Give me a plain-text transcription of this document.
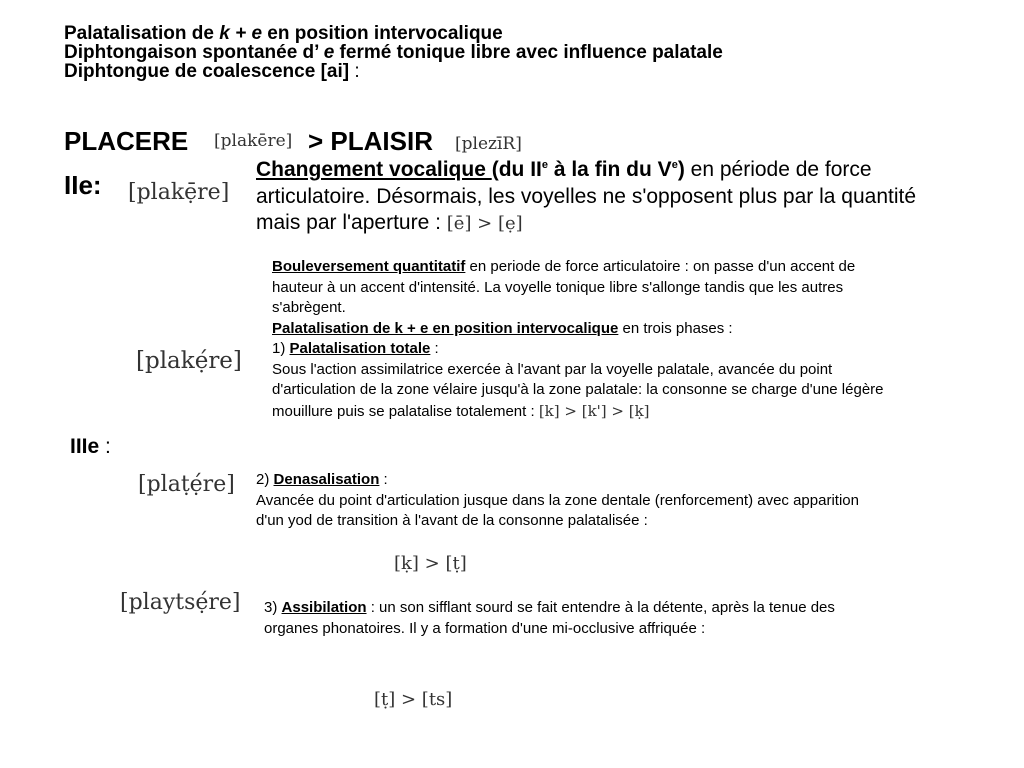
Palatalisation de k + e en position intervocalique
Diphtongaison spontanée d’ e fermé tonique libre avec influence palatale
Diphtongue de coalescence [ai] :
PLACERE [plakēre] > PLAISIR [plezīR]
IIe: [plakẹ̄re]
Changement vocalique (du IIe à la fin du Ve) en période de force articulatoire. Désormais, les voyelles ne s'opposent plus par la quantité mais par l'aperture : [ē] > [ẹ]
[plakẹ́re]
Bouleversement quantitatif en periode de force articulatoire : on passe d'un accent de hauteur à un accent d'intensité. La voyelle tonique libre s'allonge tandis que les autres s'abrègent.
Palatalisation de k + e en position intervocalique en trois phases :
1) Palatalisation totale :
Sous l'action assimilatrice exercée à l'avant par la voyelle palatale, avancée du point d'articulation de la zone vélaire jusqu'à la zone palatale: la consonne se charge d'une légère mouillure puis se palatalise totalement : [k] > [k'] > [ḳ]
IIIe :
[plaṭẹ́re] 2) Denasalisation :
Avancée du point d'articulation jusque dans la zone dentale (renforcement) avec apparition d'un yod de transition à l'avant de la consonne palatalisée :
[ḳ] > [ṭ]
[playtsẹ́re] 3) Assibilation : un son sifflant sourd se fait entendre à la détente, après la tenue des organes phonatoires. Il y a formation d'une mi-occlusive affriquée :
[ṭ] > [ts]
